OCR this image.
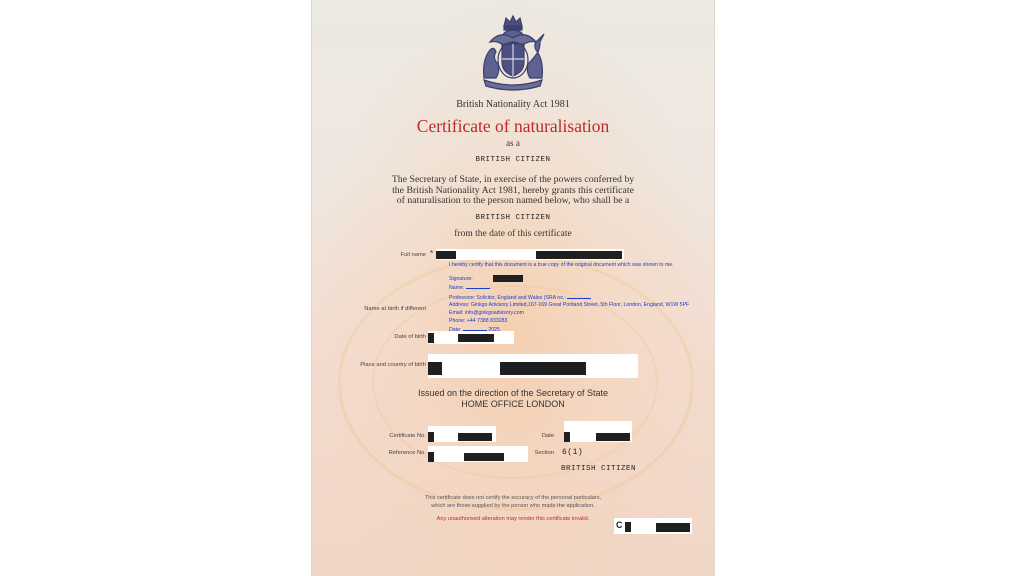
British Nationality Act 1981
Certificate of naturalisation
as a
BRITISH CITIZEN
The Secretary of State, in exercise of the powers conferred by
the British Nationality Act 1981, hereby grants this certificate
of naturalisation to the person named below, who shall be a
BRITISH CITIZEN
from the date of this certificate
Full name *
I hereby certify that this document is a true copy of the original document which was shown to me.
Signature:
Name:
Profession: Solicitor, England and Wales (SRA no.:
Address: Ginkgo Advisory Limited,167-169 Great Portland Street, 5th Floor, London, England, W1W 5PF
Email: info@ginkgoadvisory.com
Phone: +44 7388 833283
Name at birth if different
Date of birth
Place and country of birth
Issued on the direction of the Secretary of State
HOME OFFICE LONDON
Certificate No.	Date
Reference No.	Section 6(1)
BRITISH CITIZEN
This certificate does not certify the accuracy of the personal particulars,
which are those supplied by the person who made the application.
Any unauthorised alteration may render this certificate invalid.
C
